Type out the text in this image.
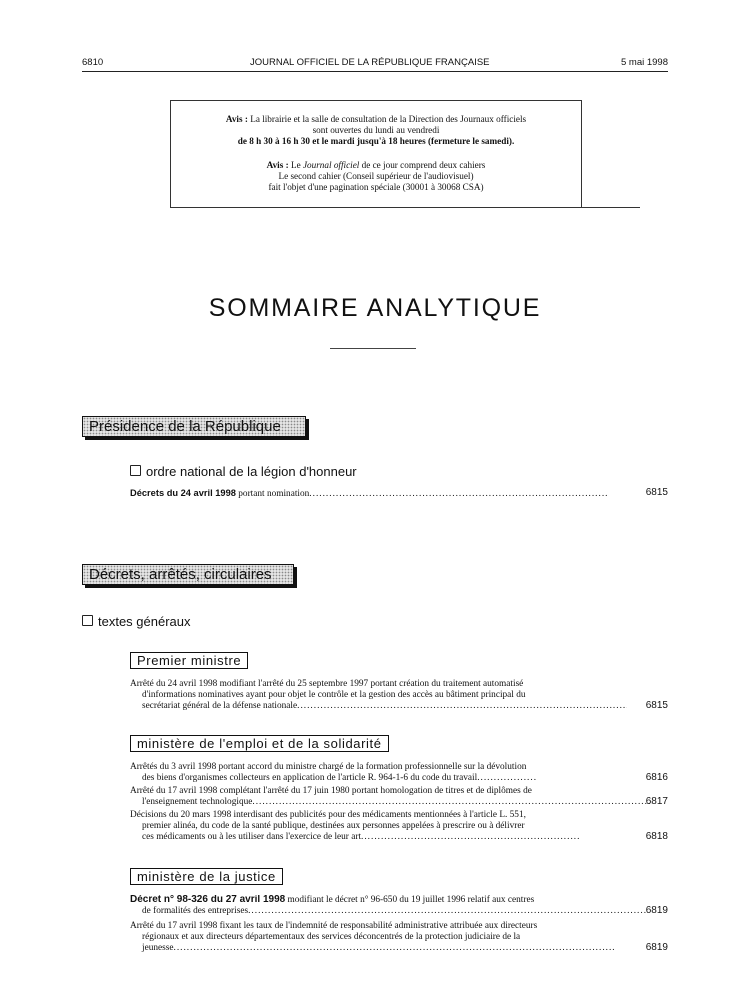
6810	JOURNAL OFFICIEL DE LA RÉPUBLIQUE FRANÇAISE	5 mai 1998
Avis : La librairie et la salle de consultation de la Direction des Journaux officiels
sont ouvertes du lundi au vendredi
de 8 h 30 à 16 h 30 et le mardi jusqu'à 18 heures (fermeture le samedi).
Avis : Le Journal officiel de ce jour comprend deux cahiers
Le second cahier (Conseil supérieur de l'audiovisuel)
fait l'objet d'une pagination spéciale (30001 à 30068 CSA)
SOMMAIRE ANALYTIQUE
Présidence de la République
ordre national de la légion d'honneur
Décrets du 24 avril 1998 portant nomination .....	6815
Décrets, arrêtés, circulaires
textes généraux
Premier ministre
Arrêté du 24 avril 1998 modifiant l'arrêté du 25 septembre 1997 portant création du traitement automatisé
d'informations nominatives ayant pour objet le contrôle et la gestion des accès au bâtiment principal du
secrétariat général de la défense nationale .....	6815
ministère de l'emploi et de la solidarité
Arrêtés du 3 avril 1998 portant accord du ministre chargé de la formation professionnelle sur la dévolution
des biens d'organismes collecteurs en application de l'article R. 964-1-6 du code du travail .....	6816
Arrêté du 17 avril 1998 complétant l'arrêté du 17 juin 1980 portant homologation de titres et de diplômes de
l'enseignement technologique .....	6817
Décisions du 20 mars 1998 interdisant des publicités pour des médicaments mentionnées à l'article L. 551,
premier alinéa, du code de la santé publique, destinées aux personnes appelées à prescrire ou à délivrer
ces médicaments ou à les utiliser dans l'exercice de leur art .....	6818
ministère de la justice
Décret n° 98-326 du 27 avril 1998 modifiant le décret n° 96-650 du 19 juillet 1996 relatif aux centres
de formalités des entreprises .....	6819
Arrêté du 17 avril 1998 fixant les taux de l'indemnité de responsabilité administrative attribuée aux directeurs
régionaux et aux directeurs départementaux des services déconcentrés de la protection judiciaire de la
jeunesse .....	6819
